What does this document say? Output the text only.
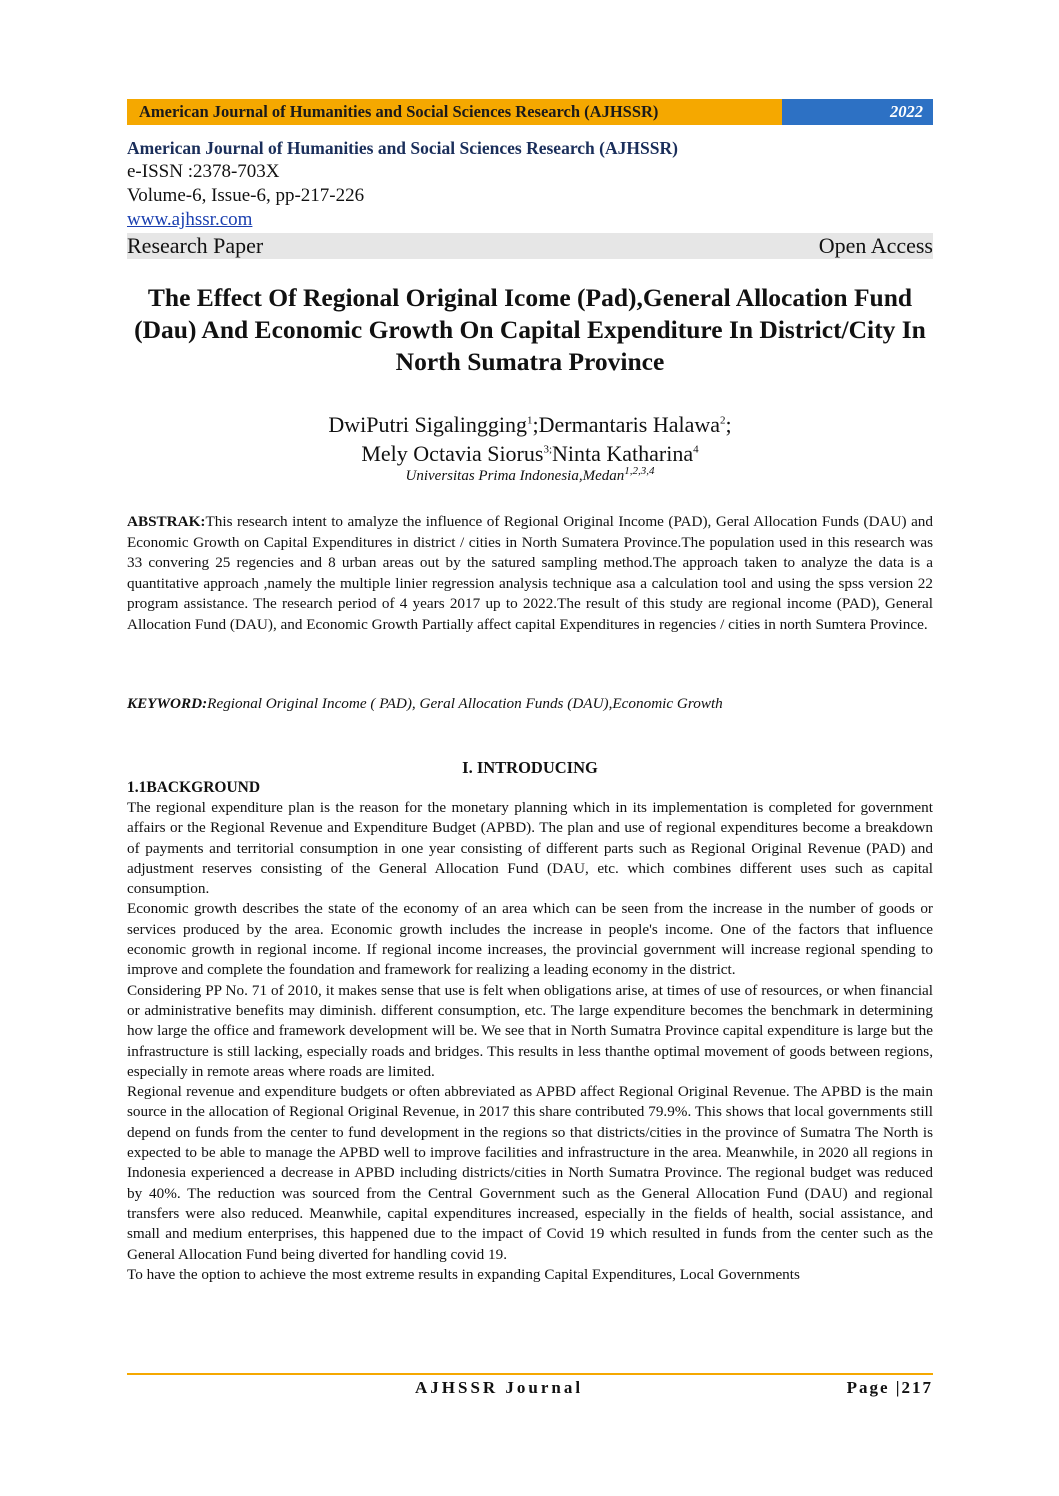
American Journal of Humanities and Social Sciences Research (AJHSSR)	2022
American Journal of Humanities and Social Sciences Research (AJHSSR)
e-ISSN :2378-703X
Volume-6, Issue-6, pp-217-226
www.ajhssr.com
Research Paper	Open Access
The Effect Of Regional Original Icome (Pad),General Allocation Fund (Dau) And Economic Growth On Capital Expenditure In District/City In North Sumatra Province
DwiPutri Sigalingging$^1$;Dermantaris Halawa$^2$;
Mely Octavia Siorus$^{3;}$Ninta Katharina$^4$
Universitas Prima Indonesia,Medan$^{1,2,3,4}$
ABSTRAK:This research intent to amalyze the influence of Regional Original Income (PAD), Geral Allocation Funds (DAU) and Economic Growth on Capital Expenditures in district / cities in North Sumatera Province.The population used in this research was 33 convering 25 regencies and 8 urban areas out by the satured sampling method.The approach taken to analyze the data is a quantitative approach ,namely the multiple linier regression analysis technique asa a calculation tool and using the spss version 22 program assistance. The research period of 4 years 2017 up to 2022.The result of this study are regional income (PAD), General Allocation Fund (DAU), and Economic Growth Partially affect capital Expenditures in regencies / cities in north Sumtera Province.
KEYWORD:Regional Original Income ( PAD), Geral Allocation Funds (DAU),Economic Growth
I. INTRODUCING
1.1BACKGROUND

The regional expenditure plan is the reason for the monetary planning which in its implementation is completed for government affairs or the Regional Revenue and Expenditure Budget (APBD). The plan and use of regional expenditures become a breakdown of payments and territorial consumption in one year consisting of different parts such as Regional Original Revenue (PAD) and adjustment reserves consisting of the General Allocation Fund (DAU, etc. which combines different uses such as capital consumption.

Economic growth describes the state of the economy of an area which can be seen from the increase in the number of goods or services produced by the area. Economic growth includes the increase in people's income. One of the factors that influence economic growth in regional income. If regional income increases, the provincial government will increase regional spending to improve and complete the foundation and framework for realizing a leading economy in the district.

Considering PP No. 71 of 2010, it makes sense that use is felt when obligations arise, at times of use of resources, or when financial or administrative benefits may diminish. different consumption, etc. The large expenditure becomes the benchmark in determining how large the office and framework development will be. We see that in North Sumatra Province capital expenditure is large but the infrastructure is still lacking, especially roads and bridges. This results in less thanthe optimal movement of goods between regions, especially in remote areas where roads are limited.

Regional revenue and expenditure budgets or often abbreviated as APBD affect Regional Original Revenue. The APBD is the main source in the allocation of Regional Original Revenue, in 2017 this share contributed 79.9%. This shows that local governments still depend on funds from the center to fund development in the regions so that districts/cities in the province of Sumatra The North is expected to be able to manage the APBD well to improve facilities and infrastructure in the area. Meanwhile, in 2020 all regions in Indonesia experienced a decrease in APBD including districts/cities in North Sumatra Province. The regional budget was reduced by 40%. The reduction was sourced from the Central Government such as the General Allocation Fund (DAU) and regional transfers were also reduced. Meanwhile, capital expenditures increased, especially in the fields of health, social assistance, and small and medium enterprises, this happened due to the impact of Covid 19 which resulted in funds from the center such as the General Allocation Fund being diverted for handling covid 19.

To have the option to achieve the most extreme results in expanding Capital Expenditures, Local Governments

AJHSSR Journal	Page |217
